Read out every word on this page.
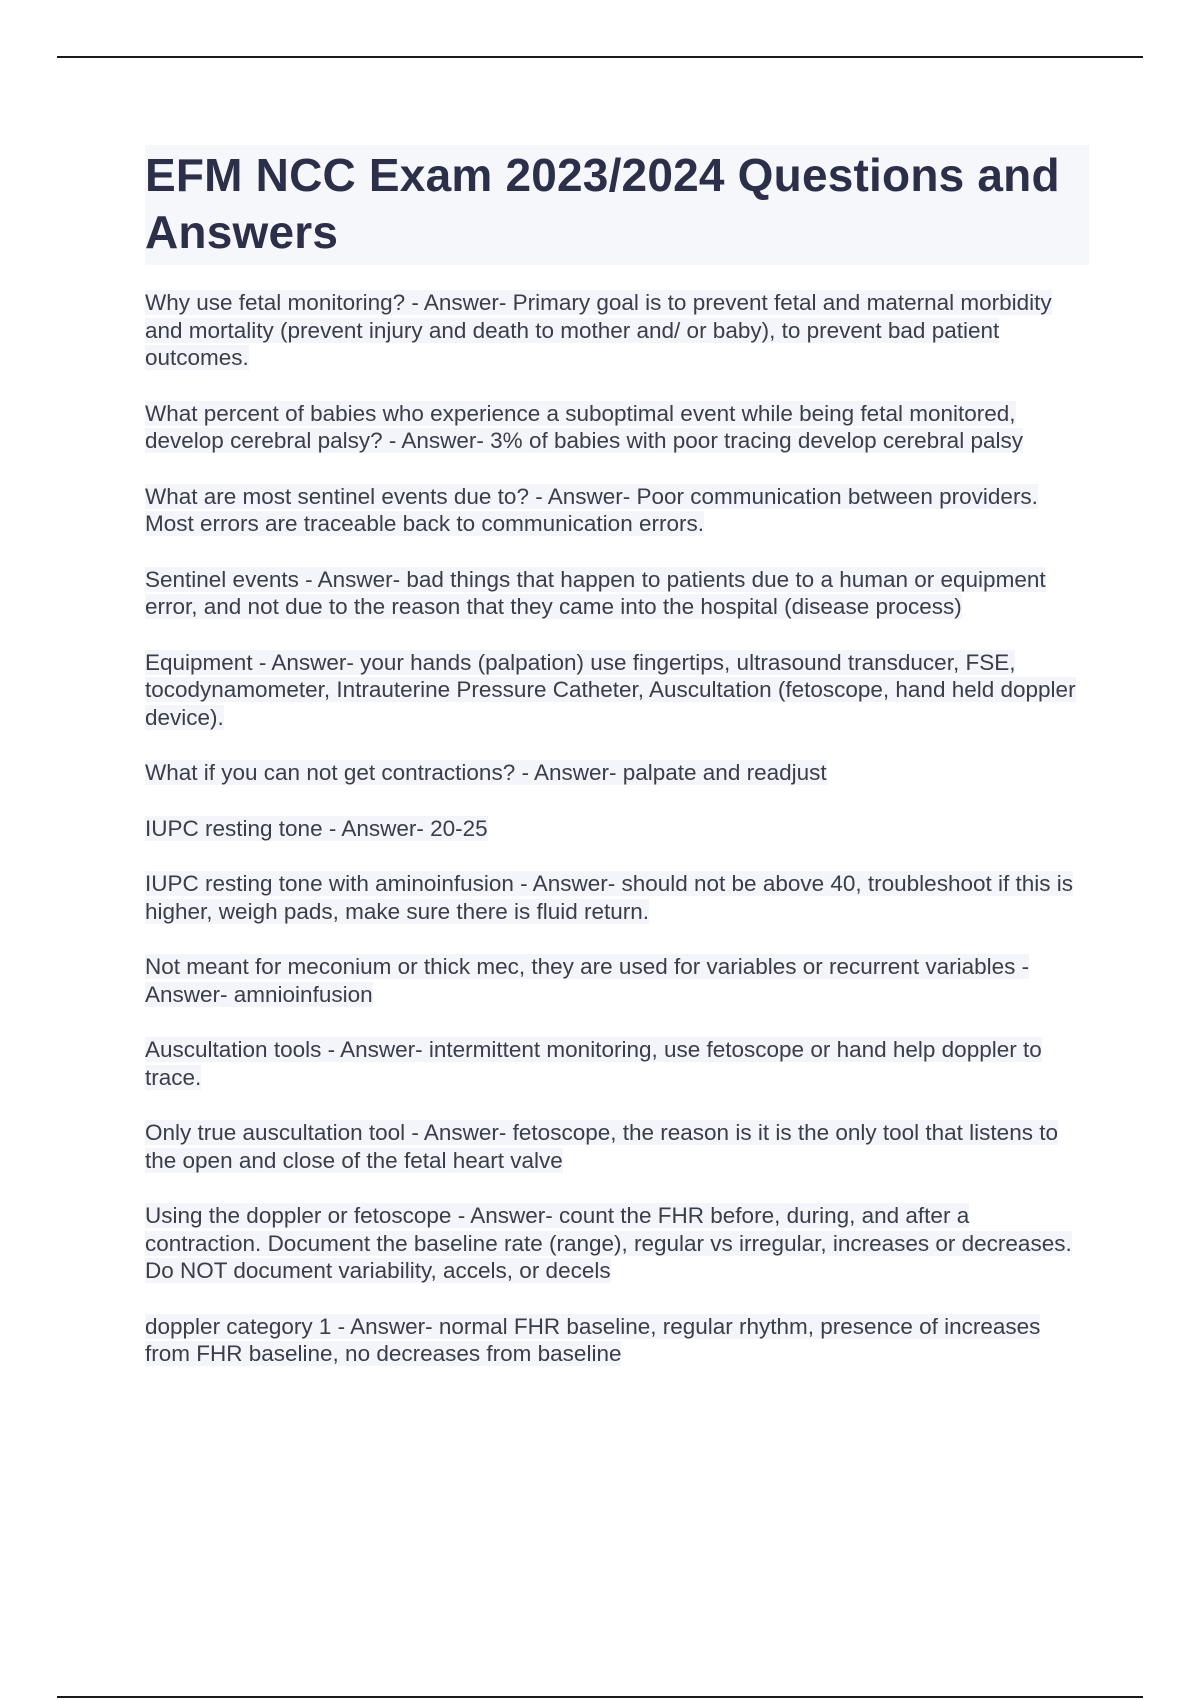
EFM NCC Exam 2023/2024 Questions and Answers

Why use fetal monitoring? - Answer- Primary goal is to prevent fetal and maternal morbidity and mortality (prevent injury and death to mother and/ or baby), to prevent bad patient outcomes.

What percent of babies who experience a suboptimal event while being fetal monitored, develop cerebral palsy? - Answer- 3% of babies with poor tracing develop cerebral palsy

What are most sentinel events due to? - Answer- Poor communication between providers. Most errors are traceable back to communication errors.

Sentinel events - Answer- bad things that happen to patients due to a human or equipment error, and not due to the reason that they came into the hospital (disease process)

Equipment - Answer- your hands (palpation) use fingertips, ultrasound transducer, FSE, tocodynamometer, Intrauterine Pressure Catheter, Auscultation (fetoscope, hand held doppler device).

What if you can not get contractions? - Answer- palpate and readjust

IUPC resting tone - Answer- 20-25

IUPC resting tone with aminoinfusion - Answer- should not be above 40, troubleshoot if this is higher, weigh pads, make sure there is fluid return.

Not meant for meconium or thick mec, they are used for variables or recurrent variables - Answer- amnioinfusion

Auscultation tools - Answer- intermittent monitoring, use fetoscope or hand help doppler to trace.

Only true auscultation tool - Answer- fetoscope, the reason is it is the only tool that listens to the open and close of the fetal heart valve

Using the doppler or fetoscope - Answer- count the FHR before, during, and after a contraction. Document the baseline rate (range), regular vs irregular, increases or decreases. Do NOT document variability, accels, or decels

doppler category 1 - Answer- normal FHR baseline, regular rhythm, presence of increases from FHR baseline, no decreases from baseline
